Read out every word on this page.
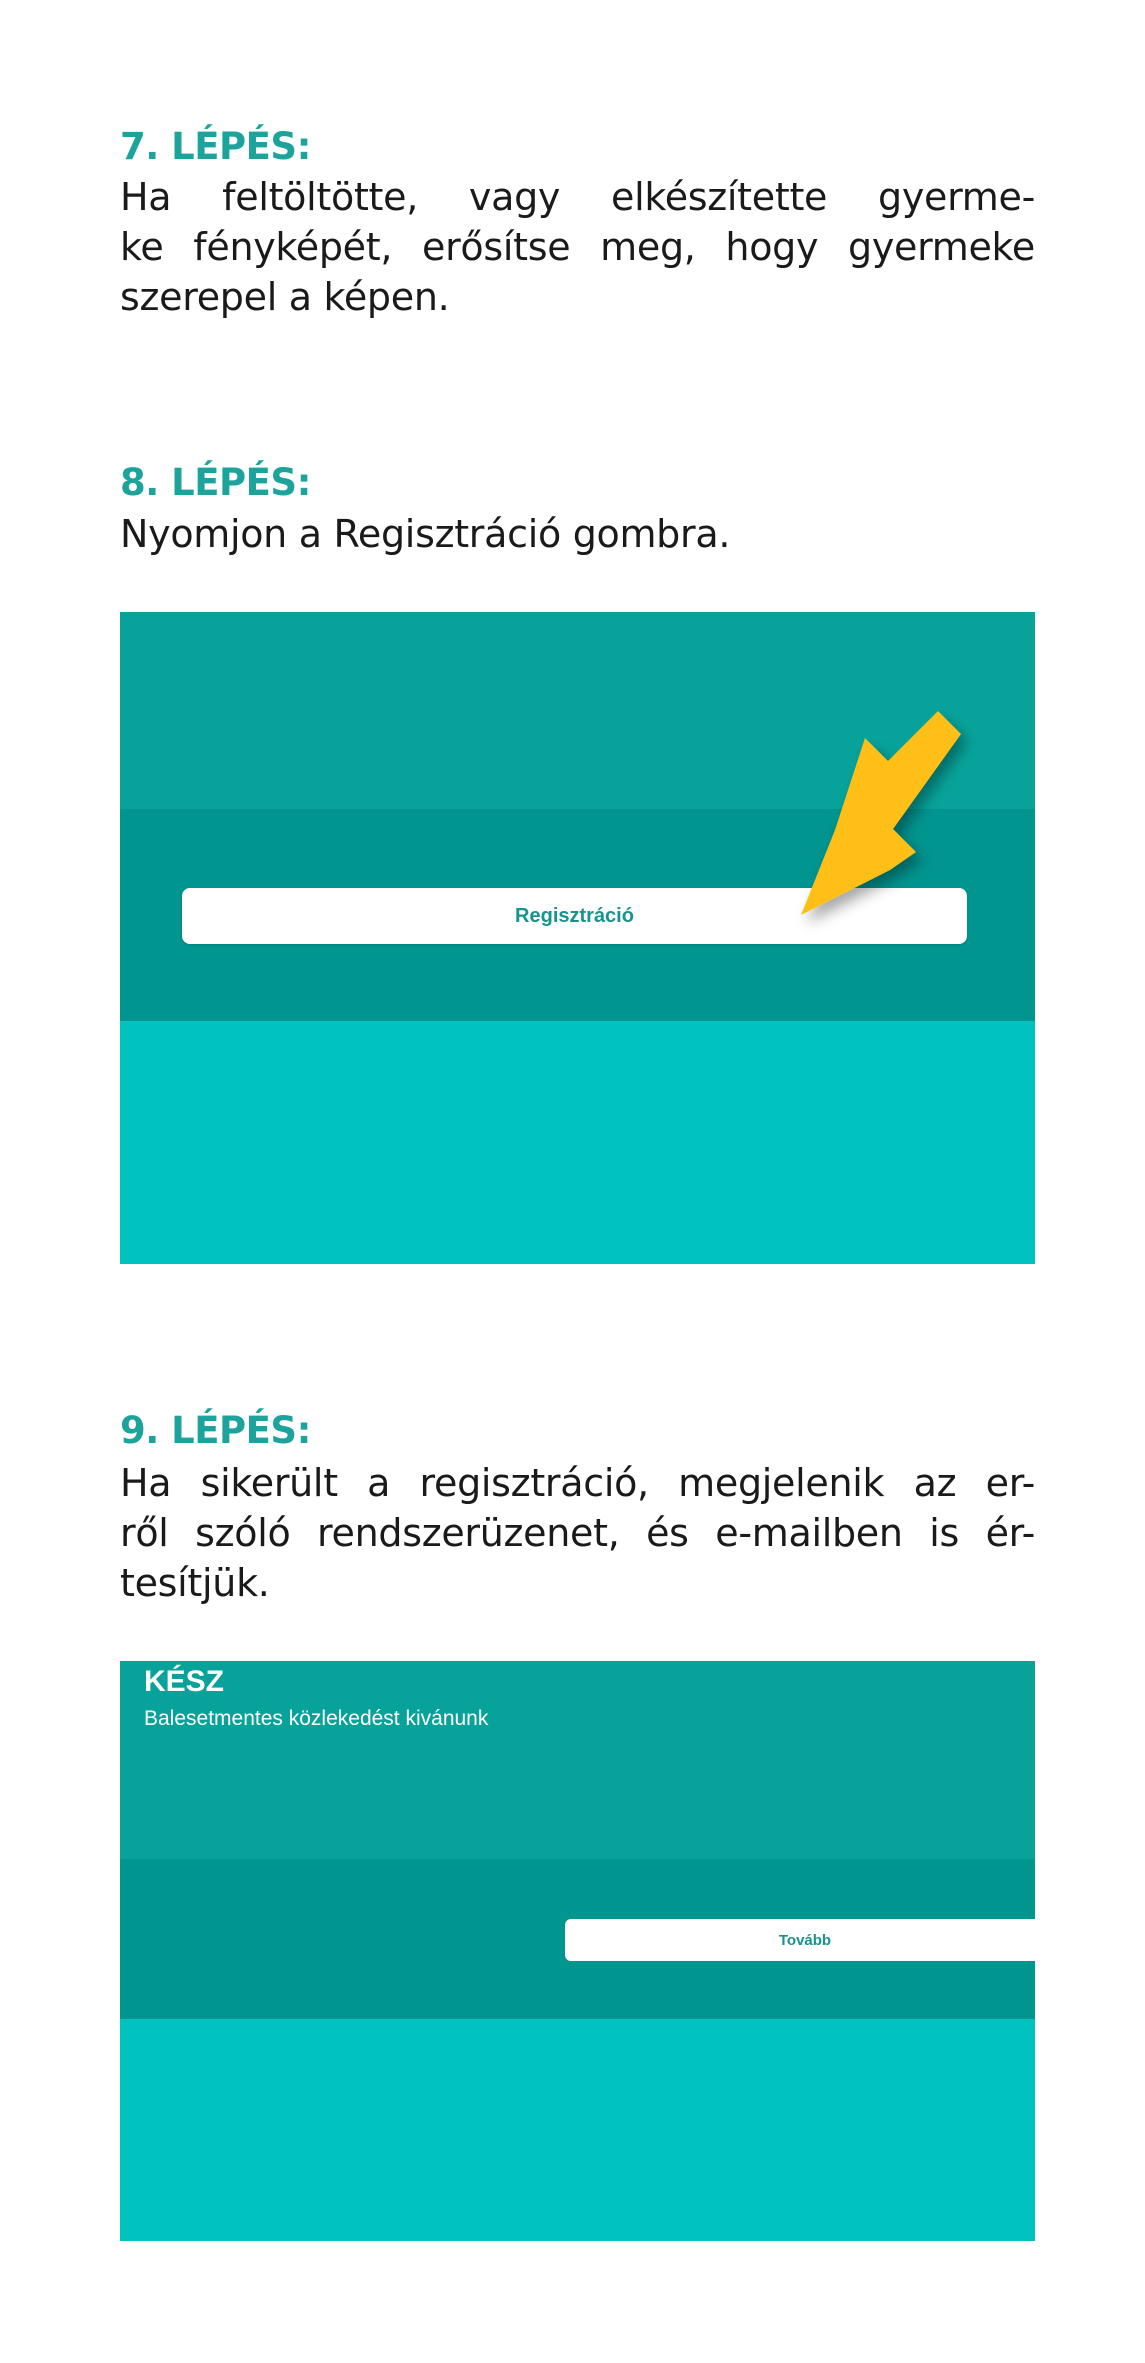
7. LÉPÉS:

Ha feltöltötte, vagy elkészítette gyerme-
ke fényképét, erősítse meg, hogy gyermeke
szerepel a képen.

8. LÉPÉS:

Nyomjon a Regisztráció gombra.

Regisztráció
9. LÉPÉS:

Ha sikerült a regisztráció, megjelenik az er-
ről szóló rendszerüzenet, és e-mailben is ér-
tesítjük.

KÉSZ

Balesetmentes közlekedést kivánunk

Tovább
